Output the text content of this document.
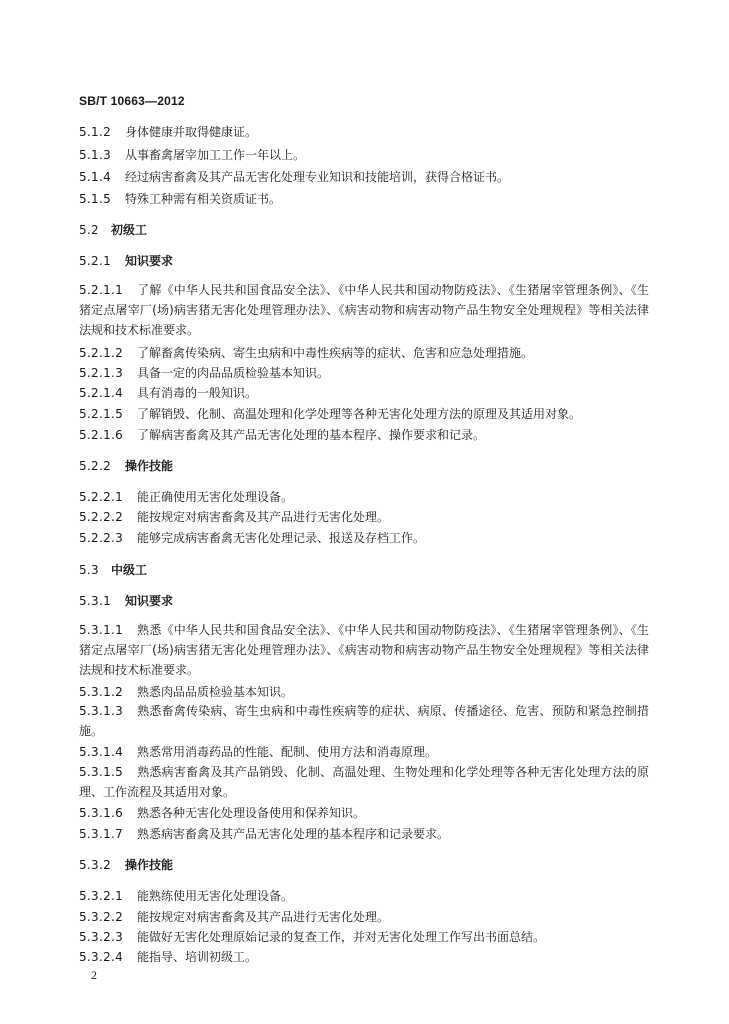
SB/T 10663—2012
5.1.2 身体健康并取得健康证。
5.1.3 从事畜禽屠宰加工工作一年以上。
5.1.4 经过病害畜禽及其产品无害化处理专业知识和技能培训，获得合格证书。
5.1.5 特殊工种需有相关资质证书。
5.2 初级工
5.2.1 知识要求
5.2.1.1 了解《中华人民共和国食品安全法》、《中华人民共和国动物防疫法》、《生猪屠宰管理条例》、《生猪定点屠宰厂(场)病害猪无害化处理管理办法》、《病害动物和病害动物产品生物安全处理规程》等相关法律法规和技术标准要求。
5.2.1.2 了解畜禽传染病、寄生虫病和中毒性疾病等的症状、危害和应急处理措施。
5.2.1.3 具备一定的肉品品质检验基本知识。
5.2.1.4 具有消毒的一般知识。
5.2.1.5 了解销毁、化制、高温处理和化学处理等各种无害化处理方法的原理及其适用对象。
5.2.1.6 了解病害畜禽及其产品无害化处理的基本程序、操作要求和记录。
5.2.2 操作技能
5.2.2.1 能正确使用无害化处理设备。
5.2.2.2 能按规定对病害畜禽及其产品进行无害化处理。
5.2.2.3 能够完成病害畜禽无害化处理记录、报送及存档工作。
5.3 中级工
5.3.1 知识要求
5.3.1.1 熟悉《中华人民共和国食品安全法》、《中华人民共和国动物防疫法》、《生猪屠宰管理条例》、《生猪定点屠宰厂(场)病害猪无害化处理管理办法》、《病害动物和病害动物产品生物安全处理规程》等相关法律法规和技术标准要求。
5.3.1.2 熟悉肉品品质检验基本知识。
5.3.1.3 熟悉畜禽传染病、寄生虫病和中毒性疾病等的症状、病原、传播途径、危害、预防和紧急控制措施。
5.3.1.4 熟悉常用消毒药品的性能、配制、使用方法和消毒原理。
5.3.1.5 熟悉病害畜禽及其产品销毁、化制、高温处理、生物处理和化学处理等各种无害化处理方法的原理、工作流程及其适用对象。
5.3.1.6 熟悉各种无害化处理设备使用和保养知识。
5.3.1.7 熟悉病害畜禽及其产品无害化处理的基本程序和记录要求。
5.3.2 操作技能
5.3.2.1 能熟练使用无害化处理设备。
5.3.2.2 能按规定对病害畜禽及其产品进行无害化处理。
5.3.2.3 能做好无害化处理原始记录的复查工作，并对无害化处理工作写出书面总结。
5.3.2.4 能指导、培训初级工。
2
